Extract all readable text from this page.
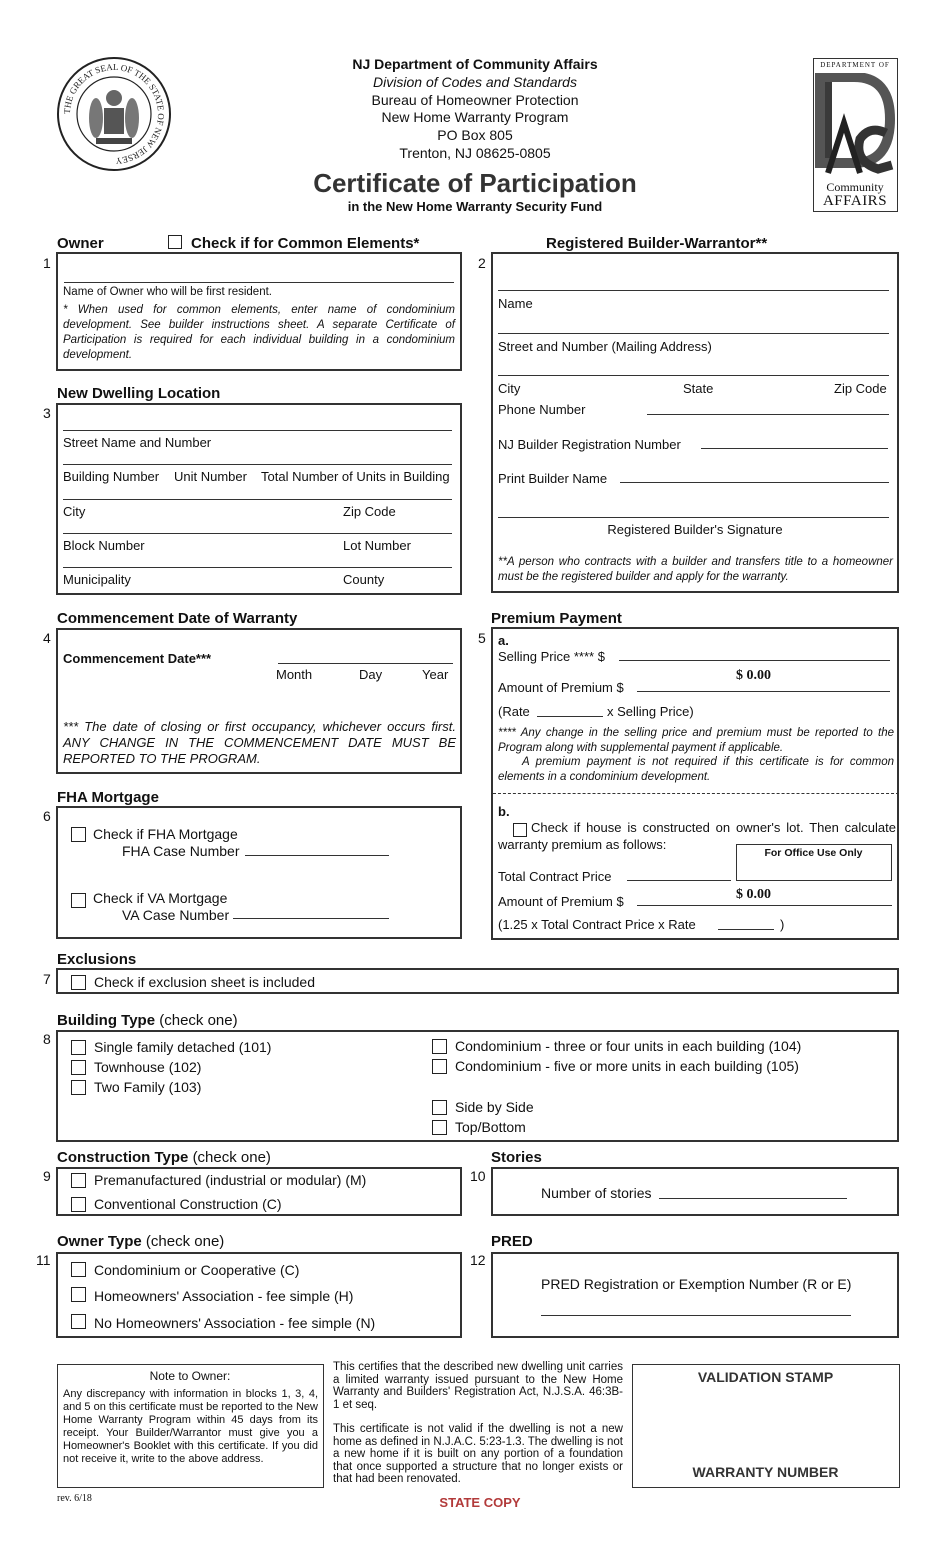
THE GREAT SEAL OF THE STATE OF NEW JERSEY
DEPARTMENT OF
Community
AFFAIRS
NJ Department of Community Affairs
Division of Codes and Standards
Bureau of Homeowner Protection
New Home Warranty Program
PO Box 805
Trenton, NJ 08625-0805
Certificate of Participation
in the New Home Warranty Security Fund
Owner	Check if for Common Elements*
1
Name of Owner who will be first resident.
* When used for common elements, enter name of condominium development. See builder instructions sheet. A separate Certificate of Participation is required for each individual building in a condominium development.
Registered Builder-Warrantor**
2
Name
Street and Number (Mailing Address)
City	State	Zip Code
Phone Number
NJ Builder Registration Number
Print Builder Name
Registered Builder's Signature
**A person who contracts with a builder and transfers title to a homeowner must be the registered builder and apply for the warranty.
New Dwelling Location
3
Street Name and Number
Building Number Unit Number Total Number of Units in Building
City	Zip Code
Block Number	Lot Number
Municipality	County
Commencement Date of Warranty
4
Commencement Date***
Month	Day	Year
*** The date of closing or first occupancy, whichever occurs first. ANY CHANGE IN THE COMMENCEMENT DATE MUST BE REPORTED TO THE PROGRAM.
Premium Payment
5 a.
Selling Price **** $
Amount of Premium $
$ 0.00
(Rate	x Selling Price)
**** Any change in the selling price and premium must be reported to the Program along with supplemental payment if applicable.
A premium payment is not required if this certificate is for common elements in a condominium development.
b.
Check if house is constructed on owner's lot. Then calculate warranty premium as follows:
For Office Use Only
Total Contract Price
Amount of Premium $	$ 0.00
(1.25 x Total Contract Price x Rate	)
FHA Mortgage
6
Check if FHA Mortgage
FHA Case Number
Check if VA Mortgage
VA Case Number
Exclusions
7	Check if exclusion sheet is included
Building Type (check one)
8	Single family detached (101)
Townhouse (102)
Two Family (103)
Condominium - three or four units in each building (104)
Condominium - five or more units in each building (105)
Side by Side
Top/Bottom
Construction Type (check one)
9	Premanufactured (industrial or modular) (M)
Conventional Construction (C)
Stories
10
Number of stories
Owner Type (check one)
11
Condominium or Cooperative (C)
Homeowners' Association - fee simple (H)
No Homeowners' Association - fee simple (N)
PRED
12
PRED Registration or Exemption Number (R or E)
Note to Owner:
Any discrepancy with information in blocks 1, 3, 4, and 5 on this certificate must be reported to the New Home Warranty Program within 45 days from its receipt. Your Builder/Warrantor must give you a Homeowner's Booklet with this certificate. If you did not receive it, write to the above address.
This certifies that the described new dwelling unit carries a limited warranty issued pursuant to the New Home Warranty and Builders' Registration Act, N.J.S.A. 46:3B-1 et seq.
This certificate is not valid if the dwelling is not a new home as defined in N.J.A.C. 5:23-1.3. The dwelling is not a new home if it is built on any portion of a foundation that once supported a structure that no longer exists or that had been renovated.
VALIDATION STAMP
WARRANTY NUMBER
rev. 6/18	STATE COPY
